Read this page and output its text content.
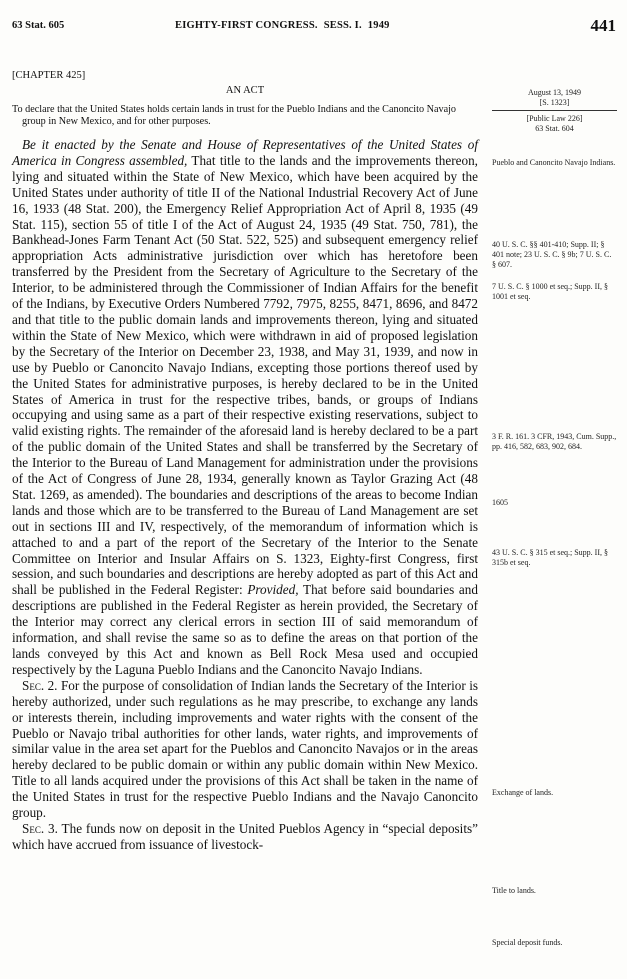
63 Stat. 605	EIGHTY-FIRST CONGRESS. SESS. I. 1949	441
[CHAPTER 425]
AN ACT
To declare that the United States holds certain lands in trust for the Pueblo Indians and the Canoncito Navajo group in New Mexico, and for other purposes.
August 13, 1949
[S. 1323]
[Public Law 226]
63 Stat. 604
Pueblo and Canoncito Navajo Indians.
40 U. S. C. §§ 401-410; Supp. II; § 401 note; 23 U. S. C. § 9b; 7 U. S. C. § 607.
7 U. S. C. § 1000 et seq.; Supp. II, § 1001 et seq.
3 F. R. 161. 3 CFR, 1943, Cum. Supp., pp. 416, 582, 683, 902, 684.
1605
43 U. S. C. § 315 et seq.; Supp. II, § 315b et seq.
Exchange of lands.
Title to lands.
Special deposit funds.

Be it enacted by the Senate and House of Representatives of the United States of America in Congress assembled, That title to the lands and the improvements thereon, lying and situated within the State of New Mexico, which have been acquired by the United States under authority of title II of the National Industrial Recovery Act of June 16, 1933 (48 Stat. 200), the Emergency Relief Appropriation Act of April 8, 1935 (49 Stat. 115), section 55 of title I of the Act of August 24, 1935 (49 Stat. 750, 781), the Bankhead-Jones Farm Tenant Act (50 Stat. 522, 525) and subsequent emergency relief appropriation Acts administrative jurisdiction over which has heretofore been transferred by the President from the Secretary of Agriculture to the Secretary of the Interior, to be administered through the Commissioner of Indian Affairs for the benefit of the Indians, by Executive Orders Numbered 7792, 7975, 8255, 8471, 8696, and 8472 and that title to the public domain lands and improvements thereon, lying and situated within the State of New Mexico, which were withdrawn in aid of proposed legislation by the Secretary of the Interior on December 23, 1938, and May 31, 1939, and now in use by Pueblo or Canoncito Navajo Indians, excepting those portions thereof used by the United States for administrative purposes, is hereby declared to be in the United States of America in trust for the respective tribes, bands, or groups of Indians occupying and using same as a part of their respective existing reservations, subject to valid existing rights. The remainder of the aforesaid land is hereby declared to be a part of the public domain of the United States and shall be transferred by the Secretary of the Interior to the Bureau of Land Management for administration under the provisions of the Act of Congress of June 28, 1934, generally known as Taylor Grazing Act (48 Stat. 1269, as amended). The boundaries and descriptions of the areas to become Indian lands and those which are to be transferred to the Bureau of Land Management are set out in sections III and IV, respectively, of the memorandum of information which is attached to and a part of the report of the Secretary of the Interior to the Senate Committee on Interior and Insular Affairs on S. 1323, Eighty-first Congress, first session, and such boundaries and descriptions are hereby adopted as part of this Act and shall be published in the Federal Register: Provided, That before said boundaries and descriptions are published in the Federal Register as herein provided, the Secretary of the Interior may correct any clerical errors in section III of said memorandum of information, and shall revise the same so as to define the areas on that portion of the lands conveyed by this Act and known as Bell Rock Mesa used and occupied respectively by the Laguna Pueblo Indians and the Canoncito Navajo Indians.

Sec. 2. For the purpose of consolidation of Indian lands the Secretary of the Interior is hereby authorized, under such regulations as he may prescribe, to exchange any lands or interests therein, including improvements and water rights with the consent of the Pueblo or Navajo tribal authorities for other lands, water rights, and improvements of similar value in the area set apart for the Pueblos and Canoncito Navajos or in the areas hereby declared to be public domain or within any public domain within New Mexico. Title to all lands acquired under the provisions of this Act shall be taken in the name of the United States in trust for the respective Pueblo Indians and the Navajo Canoncito group.

Sec. 3. The funds now on deposit in the United Pueblos Agency in “special deposits” which have accrued from issuance of livestock-
